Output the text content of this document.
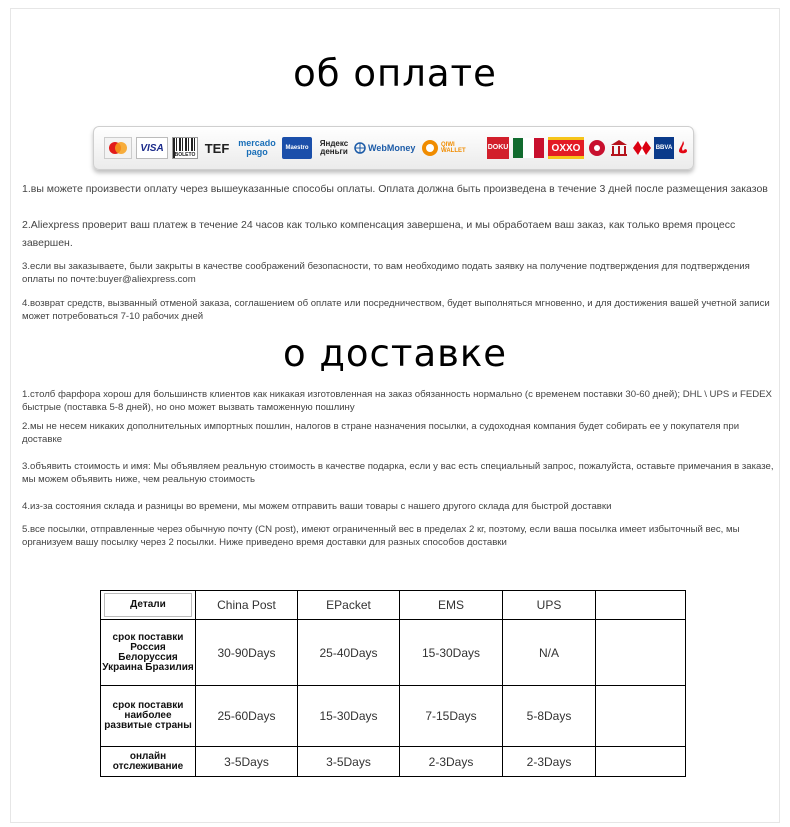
об оплате
VISA
BOLETO TEF mercado pago	Maestro	Яндекс деньги	WebMoney	QIWI WALLET	DOKU	OXXO	BBVA
1.вы можете произвести оплату через вышеуказанные способы оплаты. Оплата должна быть произведена в течение 3 дней после размещения заказов
2.Aliexpress проверит ваш платеж в течение 24 часов как только компенсация завершена, и мы обработаем ваш заказ, как только время процесс завершен.
3.если вы заказываете, были закрыты в качестве соображений безопасности, то вам необходимо подать заявку на получение подтверждения для подтверждения оплаты по почте:buyer@aliexpress.com
4.возврат средств, вызванный отменой заказа, соглашением об оплате или посредничеством, будет выполняться мгновенно, и для достижения вашей учетной записи может потребоваться 7-10 рабочих дней
о доставке
1.столб фарфора хорош для большинств клиентов как никакая изготовленная на заказ обязанность нормально (с временем поставки 30-60 дней); DHL \ UPS и FEDEX быстрые (поставка 5-8 дней), но оно может вызвать таможенную пошлину
2.мы не несем никаких дополнительных импортных пошлин, налогов в стране назначения посылки, а судоходная компания будет собирать ее у покупателя при доставке
3.объявить стоимость и имя: Мы объявляем реальную стоимость в качестве подарка, если у вас есть специальный запрос, пожалуйста, оставьте примечания в заказе, мы можем объявить ниже, чем реальную стоимость
4.из-за состояния склада и разницы во времени, мы можем отправить ваши товары с нашего другого склада для быстрой доставки
5.все посылки, отправленные через обычную почту (CN post), имеют ограниченный вес в пределах 2 кг, поэтому, если ваша посылка имеет избыточный вес, мы организуем вашу посылку через 2 посылки. Ниже приведено время доставки для разных способов доставки
Детали	China Post	EPacket	EMS	UPS	
срок поставки Россия Белоруссия Украина Бразилия	30-90Days	25-40Days	15-30Days	N/A	
срок поставки наиболее развитые страны	25-60Days	15-30Days	7-15Days	5-8Days	
онлайн отслеживание	3-5Days	3-5Days	2-3Days	2-3Days	
